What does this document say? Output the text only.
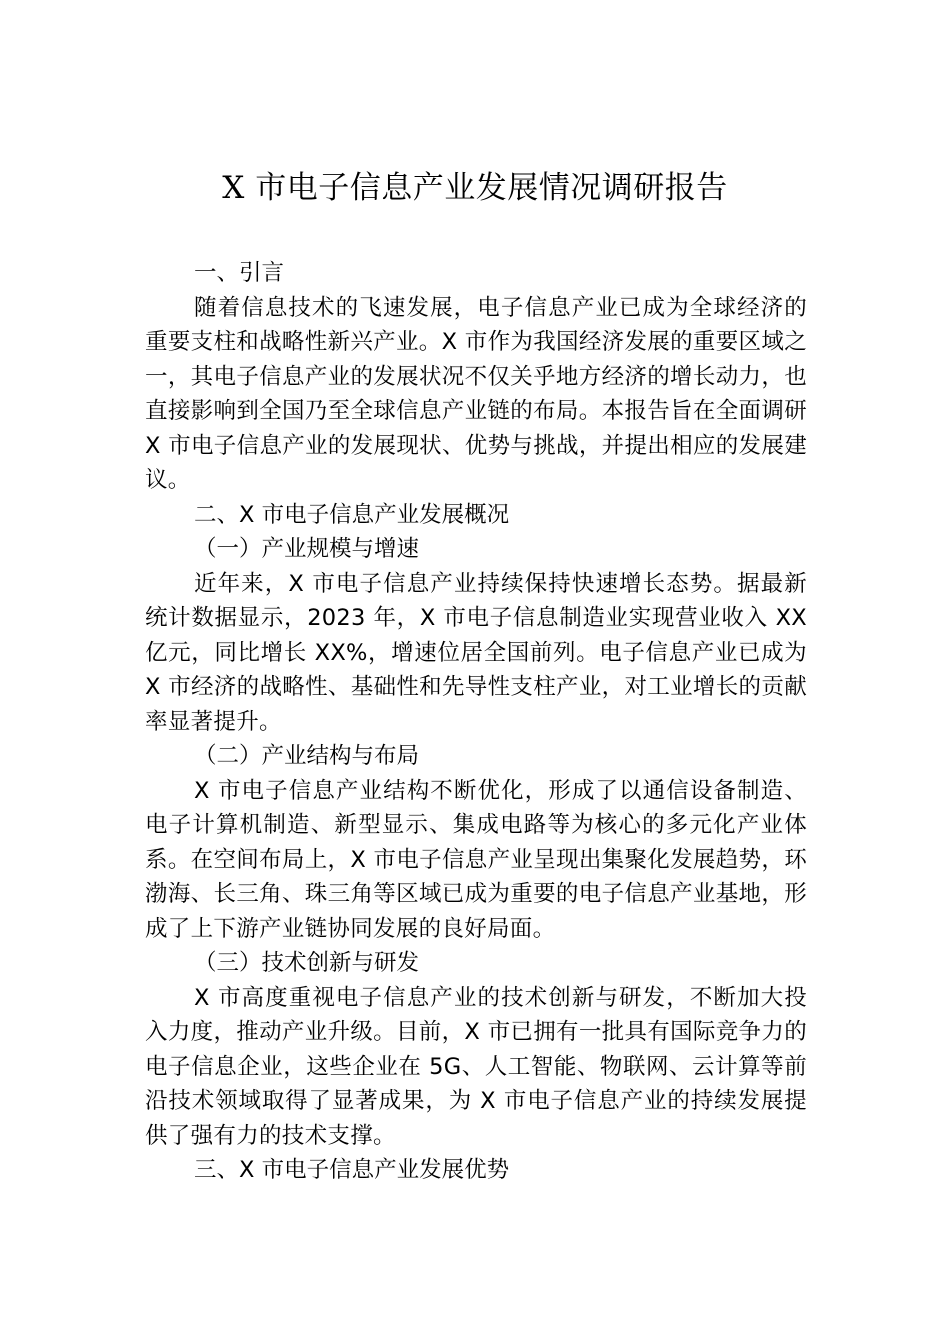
X 市电子信息产业发展情况调研报告

一、引言

随着信息技术的飞速发展，电子信息产业已成为全球经济的重要支柱和战略性新兴产业。X 市作为我国经济发展的重要区域之一，其电子信息产业的发展状况不仅关乎地方经济的增长动力，也直接影响到全国乃至全球信息产业链的布局。本报告旨在全面调研 X 市电子信息产业的发展现状、优势与挑战，并提出相应的发展建议。

二、X 市电子信息产业发展概况

（一）产业规模与增速

近年来，X 市电子信息产业持续保持快速增长态势。据最新统计数据显示，2023 年，X 市电子信息制造业实现营业收入 XX 亿元，同比增长 XX%，增速位居全国前列。电子信息产业已成为 X 市经济的战略性、基础性和先导性支柱产业，对工业增长的贡献率显著提升。

（二）产业结构与布局

X 市电子信息产业结构不断优化，形成了以通信设备制造、电子计算机制造、新型显示、集成电路等为核心的多元化产业体系。在空间布局上，X 市电子信息产业呈现出集聚化发展趋势，环渤海、长三角、珠三角等区域已成为重要的电子信息产业基地，形成了上下游产业链协同发展的良好局面。

（三）技术创新与研发

X 市高度重视电子信息产业的技术创新与研发，不断加大投入力度，推动产业升级。目前，X 市已拥有一批具有国际竞争力的电子信息企业，这些企业在 5G、人工智能、物联网、云计算等前沿技术领域取得了显著成果，为 X 市电子信息产业的持续发展提供了强有力的技术支撑。

三、X 市电子信息产业发展优势
